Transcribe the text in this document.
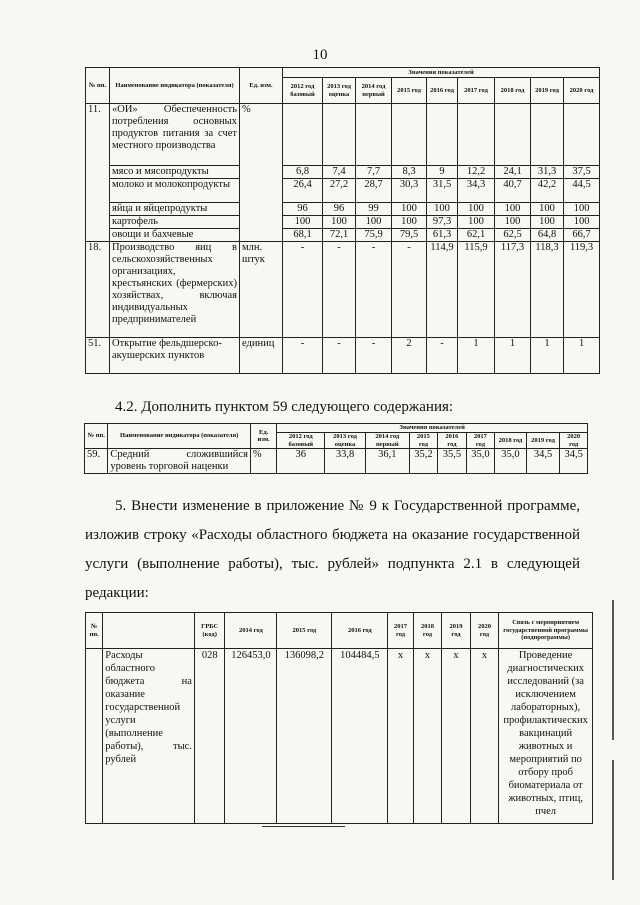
10
№ пп.	Наименование индикатора (показателя)	Ед. изм.	Значения показателей								
			2012 год базовый	2013 год оценка	2014 год первый	2015 год	2016 год	2017 год	2018 год	2019 год	2020 год
11.	«ОИ» Обеспеченность потребления основных продуктов питания за счет местного производства	%									
	мясо и мясопродукты		6,8	7,4	7,7	8,3	9	12,2	24,1	31,3	37,5
	молоко и молокопродукты		26,4	27,2	28,7	30,3	31,5	34,3	40,7	42,2	44,5
	яйца и яйцепродукты		96	96	99	100	100	100	100	100	100
	картофель		100	100	100	100	97,3	100	100	100	100
	овощи и бахчевые		68,1	72,1	75,9	79,5	61,3	62,1	62,5	64,8	66,7
18.	Производство яиц в сельскохозяйственных организациях, крестьянских (фермерских) хозяйствах, включая индивидуальных предпринимателей	млн. штук	-	-	-	-	114,9	115,9	117,3	118,3	119,3
51.	Открытие фельдшерско-акушерских пунктов	единиц	-	-	-	2	-	1	1	1	1
4.2. Дополнить пунктом 59 следующего содержания:
№ пп.	Наименование индикатора (показателя)	Ед. изм.	Значения показателей								
			2012 год базовый	2013 год оценка	2014 год первый	2015 год	2016 год	2017 год	2018 год	2019 год	2020 год
59.	Средний сложившийся уровень торговой наценки	%	36	33,8	36,1	35,2	35,5	35,0	35,0	34,5	34,5
5. Внести изменение в приложение № 9 к Государственной программе, изложив строку «Расходы областного бюджета на оказание государственной услуги (выполнение работы), тыс. рублей» подпункта 2.1 в следующей редакции:
№ пп.		ГРБС (код)	2014 год	2015 год	2016 год	2017 год	2018 год	2019 год	2020 год	Связь с мероприятием государственной программы (подпрограммы)
	Расходы областного бюджета на оказание государственной услуги (выполнение работы), тыс. рублей	028	126453,0	136098,2	104484,5	x	x	x	x	Проведение диагностических исследований (за исключением лабораторных), профилактических вакцинаций животных и мероприятий по отбору проб биоматериала от животных, птиц, пчел
